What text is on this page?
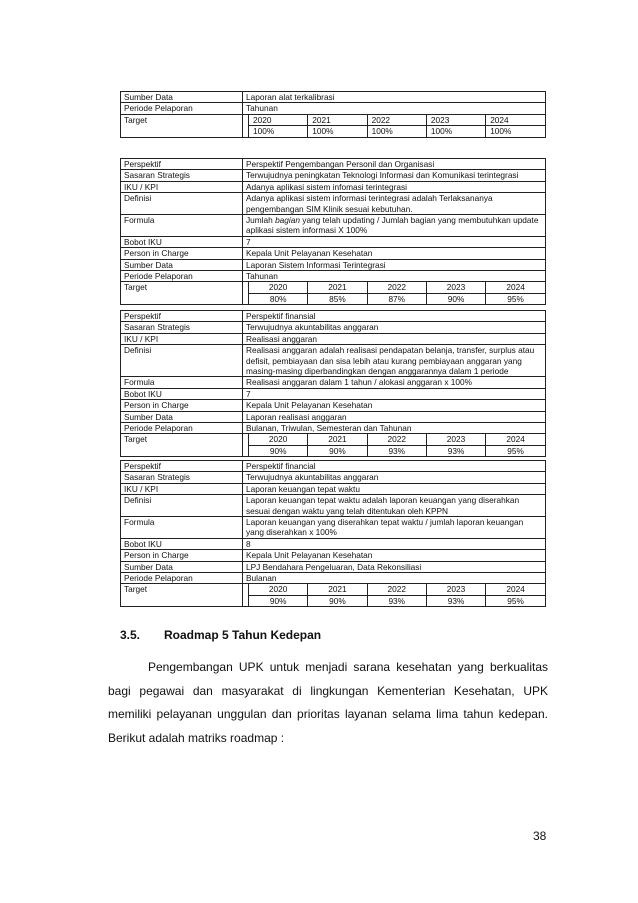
Sumber Data	Laporan alat terkalibrasi
Periode Pelaporan	Tahunan
Target		2020	2021	2022	2023	2024
100%	100%	100%	100%	100%
Perspektif	Perspektif Pengembangan Personil dan Organisasi
Sasaran Strategis	Terwujudnya peningkatan Teknologi Informasi dan Komunikasi terintegrasi
IKU / KPI	Adanya aplikasi sistem infomasi terintegrasi
Definisi	Adanya aplikasi sistem informasi terintegrasi adalah Terlaksananya pengembangan SIM Klinik sesuai kebutuhan.
Formula	Jumlah bagian yang telah updating / Jumlah bagian yang membutuhkan update aplikasi sistem informasi X 100%
Bobot IKU	7
Person in Charge	Kepala Unit Pelayanan Kesehatan
Sumber Data	Laporan Sistem Informasi Terintegrasi
Periode Pelaporan	Tahunan
Target		2020	2021	2022	2023	2024
80%	85%	87%	90%	95%
Perspektif	Perspektif finansial
Sasaran Strategis	Terwujudnya akuntabilitas anggaran
IKU / KPI	Realisasi anggaran
Definisi	Realisasi anggaran adalah realisasi pendapatan belanja, transfer, surplus atau defisit, pembiayaan dan sisa lebih atau kurang pembiayaan anggaran yang masing-masing diperbandingkan dengan anggarannya dalam 1 periode
Formula	Realisasi anggaran dalam 1 tahun / alokasi anggaran x 100%
Bobot IKU	7
Person in Charge	Kepala Unit Pelayanan Kesehatan
Sumber Data	Laporan realisasi anggaran
Periode Pelaporan	Bulanan, Triwulan, Semesteran dan Tahunan
Target		2020	2021	2022	2023	2024
90%	90%	93%	93%	95%
Perspektif	Perspektif financial
Sasaran Strategis	Terwujudnya akuntabilitas anggaran
IKU / KPI	Laporan keuangan tepat waktu
Definisi	Laporan keuangan tepat waktu adalah laporan keuangan yang diserahkan sesuai dengan waktu yang telah ditentukan oleh KPPN
Formula	Laporan keuangan yang diserahkan tepat waktu / jumlah laporan keuangan yang diserahkan x 100%
Bobot IKU	8
Person in Charge	Kepala Unit Pelayanan Kesehatan
Sumber Data	LPJ Bendahara Pengeluaran, Data Rekonsiliasi
Periode Pelaporan	Bulanan
Target		2020	2021	2022	2023	2024
90%	90%	93%	93%	95%
3.5. Roadmap 5 Tahun Kedepan
Pengembangan UPK untuk menjadi sarana kesehatan yang berkualitas bagi pegawai dan masyarakat di lingkungan Kementerian Kesehatan, UPK memiliki pelayanan unggulan dan prioritas layanan selama lima tahun kedepan. Berikut adalah matriks roadmap :
38
